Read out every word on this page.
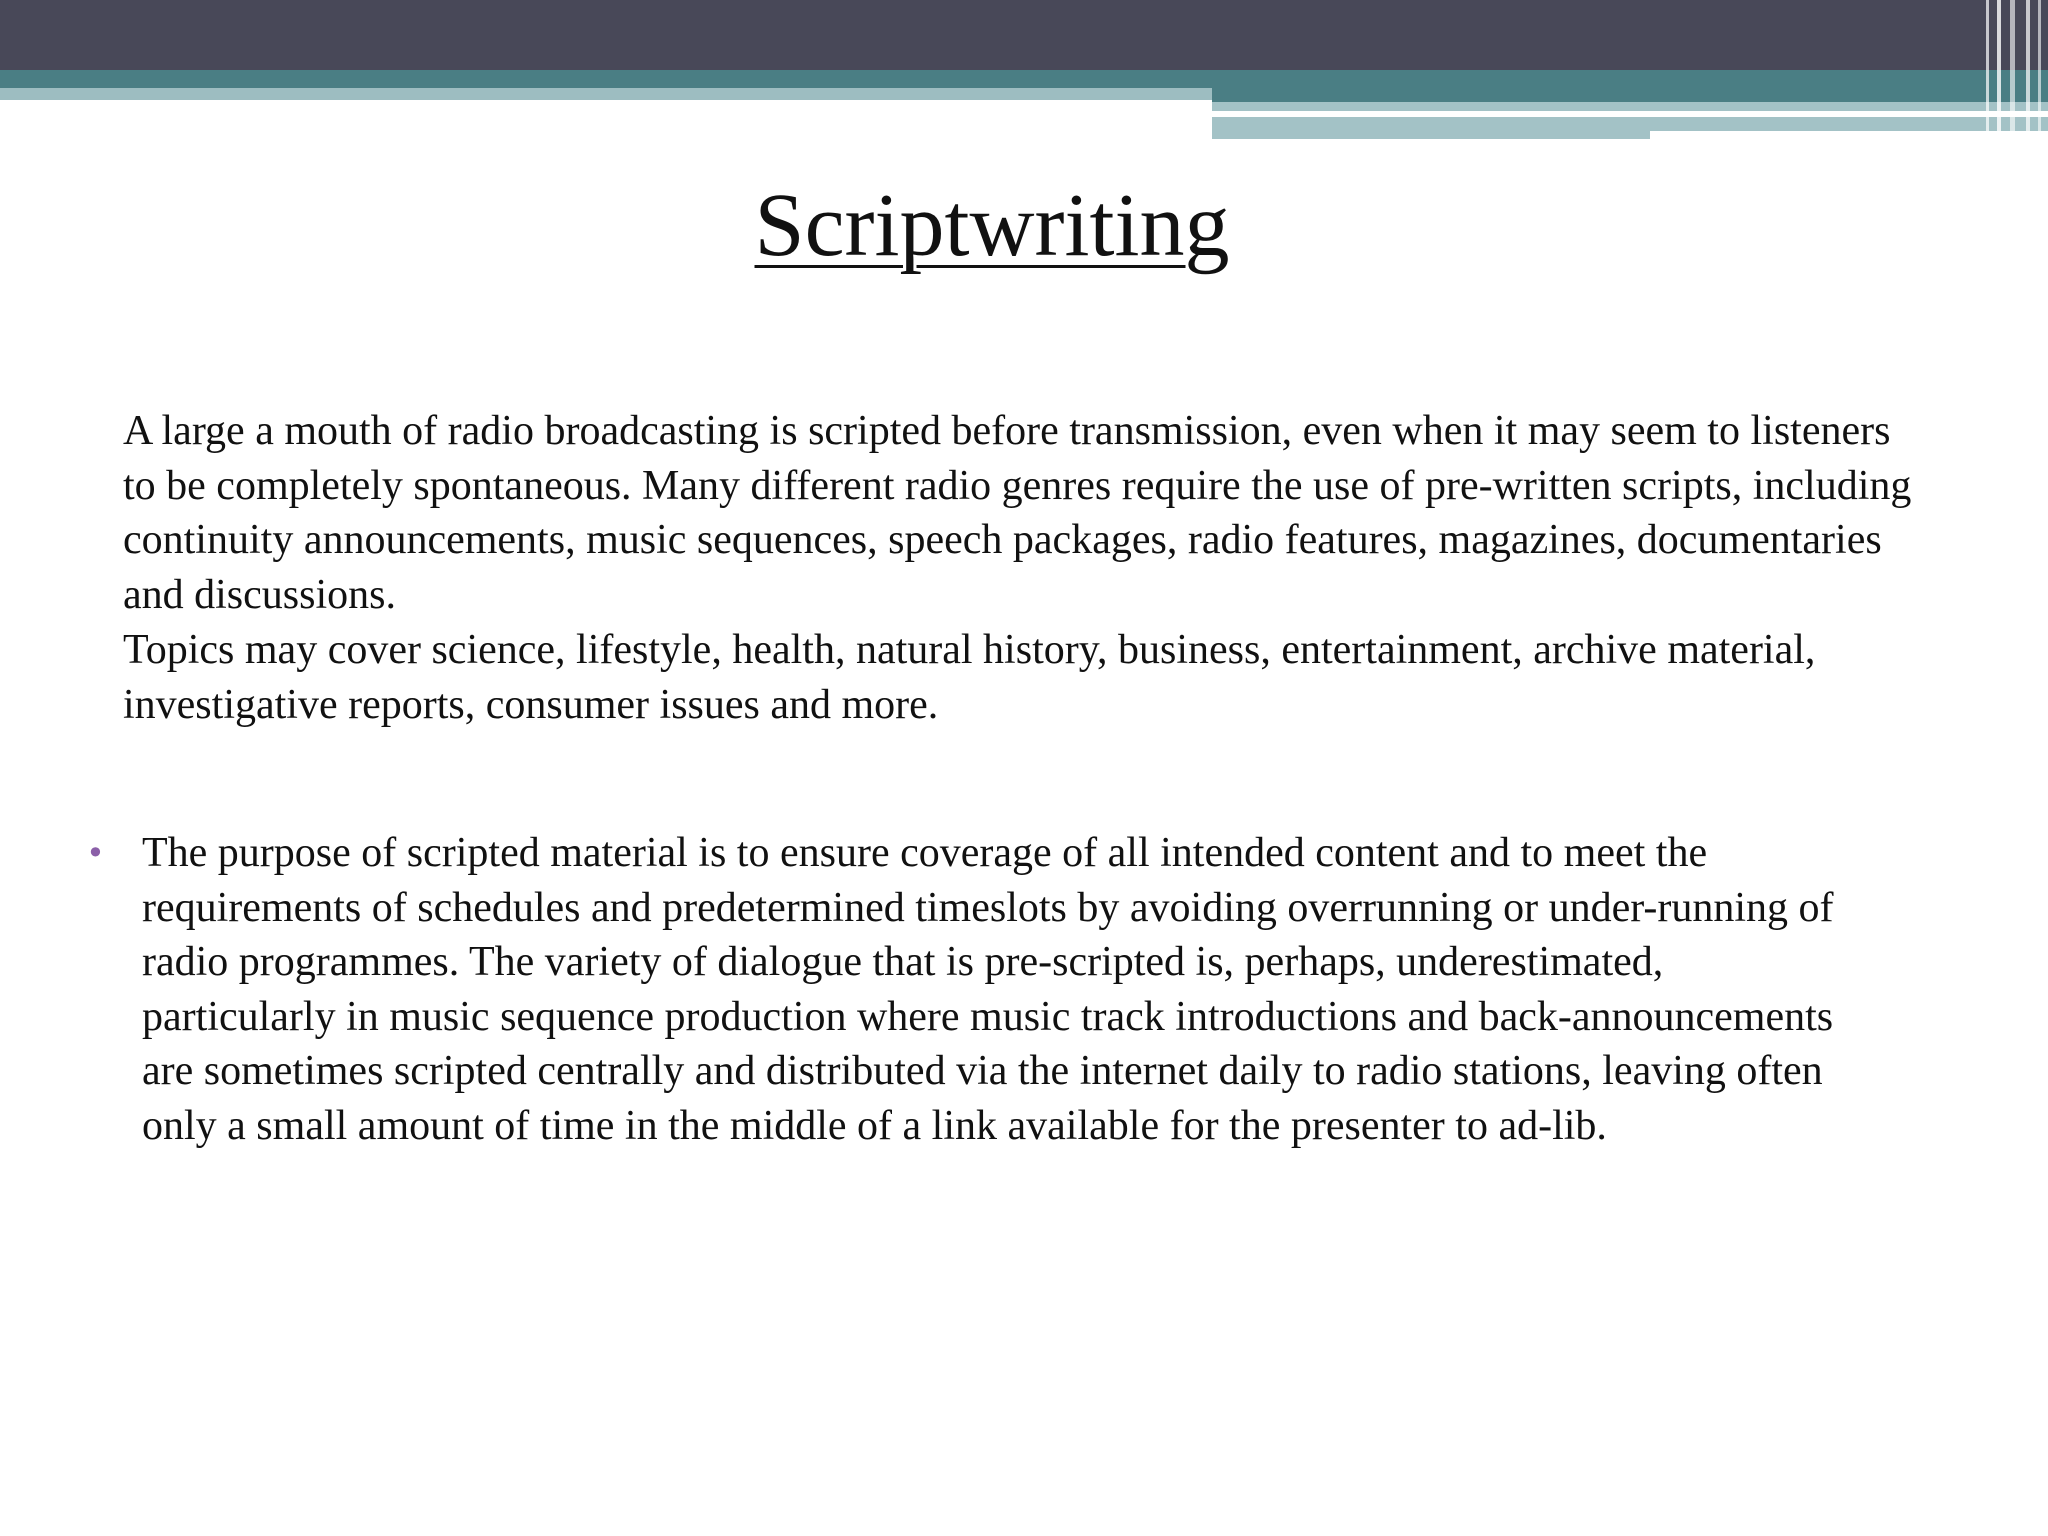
Scriptwriting

A large a mouth of radio broadcasting is scripted before transmission, even when it may seem to listeners to be completely spontaneous. Many different radio genres require the use of pre-written scripts, including continuity announcements, music sequences, speech packages, radio features, magazines, documentaries and discussions.

Topics may cover science, lifestyle, health, natural history, business, entertainment, archive material, investigative reports, consumer issues and more.

• The purpose of scripted material is to ensure coverage of all intended content and to meet the requirements of schedules and predetermined timeslots by avoiding overrunning or under-running of radio programmes. The variety of dialogue that is pre-scripted is, perhaps, underestimated, particularly in music sequence production where music track introductions and back-announcements are sometimes scripted centrally and distributed via the internet daily to radio stations, leaving often only a small amount of time in the middle of a link available for the presenter to ad-lib.
